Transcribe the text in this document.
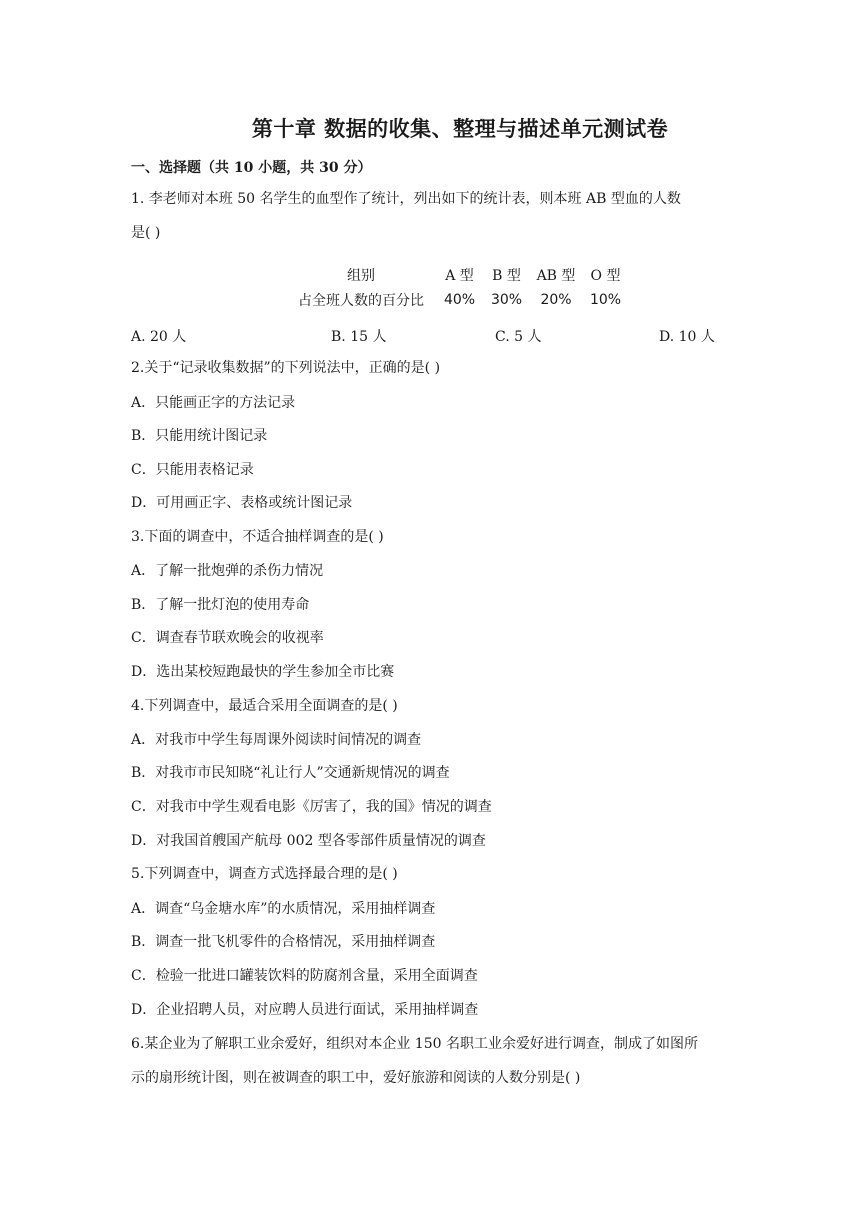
第十章 数据的收集、整理与描述单元测试卷
一、选择题（共 10 小题，共 30 分）
1. 李老师对本班 50 名学生的血型作了统计，列出如下的统计表，则本班 AB 型血的人数
是( )
组别	A 型	B 型	AB 型	O 型
占全班人数的百分比	40%	30%	20%	10%
A. 20 人	B. 15 人	C. 5 人	D. 10 人
2.关于“记录收集数据”的下列说法中，正确的是( )
A．只能画正字的方法记录
B．只能用统计图记录
C．只能用表格记录
D．可用画正字、表格或统计图记录
3.下面的调查中，不适合抽样调查的是( )
A．了解一批炮弹的杀伤力情况
B．了解一批灯泡的使用寿命
C．调查春节联欢晚会的收视率
D．选出某校短跑最快的学生参加全市比赛
4.下列调查中，最适合采用全面调查的是( )
A．对我市中学生每周课外阅读时间情况的调查
B．对我市市民知晓“礼让行人”交通新规情况的调查
C．对我市中学生观看电影《厉害了，我的国》情况的调查
D．对我国首艘国产航母 002 型各零部件质量情况的调查
5.下列调查中，调查方式选择最合理的是( )
A．调查“乌金塘水库”的水质情况，采用抽样调查
B．调查一批飞机零件的合格情况，采用抽样调查
C．检验一批进口罐装饮料的防腐剂含量，采用全面调查
D．企业招聘人员，对应聘人员进行面试，采用抽样调查
6.某企业为了解职工业余爱好，组织对本企业 150 名职工业余爱好进行调查，制成了如图所
示的扇形统计图，则在被调查的职工中，爱好旅游和阅读的人数分别是( )
